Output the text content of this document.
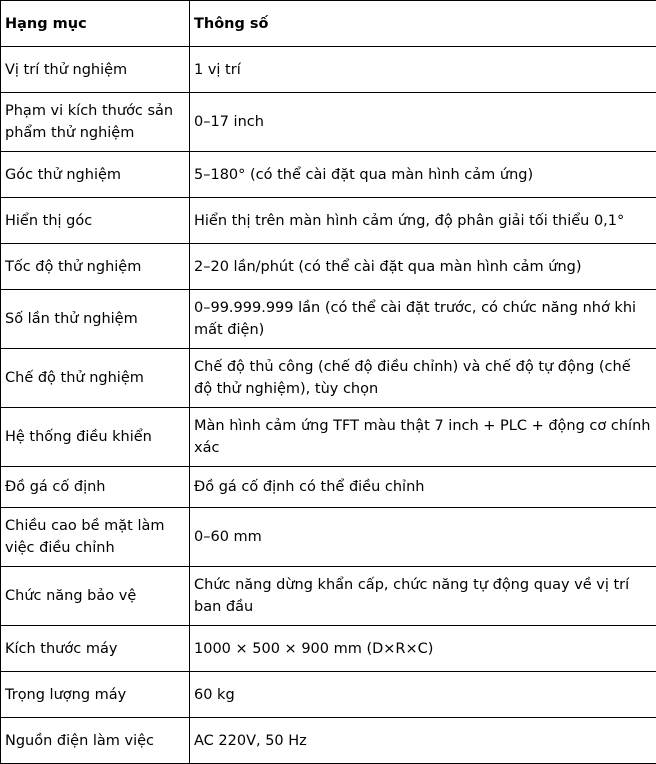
Hạng mục	Thông số
Vị trí thử nghiệm	1 vị trí
Phạm vi kích thước sản phẩm thử nghiệm	0–17 inch
Góc thử nghiệm	5–180° (có thể cài đặt qua màn hình cảm ứng)
Hiển thị góc	Hiển thị trên màn hình cảm ứng, độ phân giải tối thiểu 0,1°
Tốc độ thử nghiệm	2–20 lần/phút (có thể cài đặt qua màn hình cảm ứng)
Số lần thử nghiệm	0–99.999.999 lần (có thể cài đặt trước, có chức năng nhớ khi mất điện)
Chế độ thử nghiệm	Chế độ thủ công (chế độ điều chỉnh) và chế độ tự động (chế độ thử nghiệm), tùy chọn
Hệ thống điều khiển	Màn hình cảm ứng TFT màu thật 7 inch + PLC + động cơ chính xác
Đồ gá cố định	Đồ gá cố định có thể điều chỉnh
Chiều cao bề mặt làm việc điều chỉnh	0–60 mm
Chức năng bảo vệ	Chức năng dừng khẩn cấp, chức năng tự động quay về vị trí ban đầu
Kích thước máy	1000 × 500 × 900 mm (D×R×C)
Trọng lượng máy	60 kg
Nguồn điện làm việc	AC 220V, 50 Hz
